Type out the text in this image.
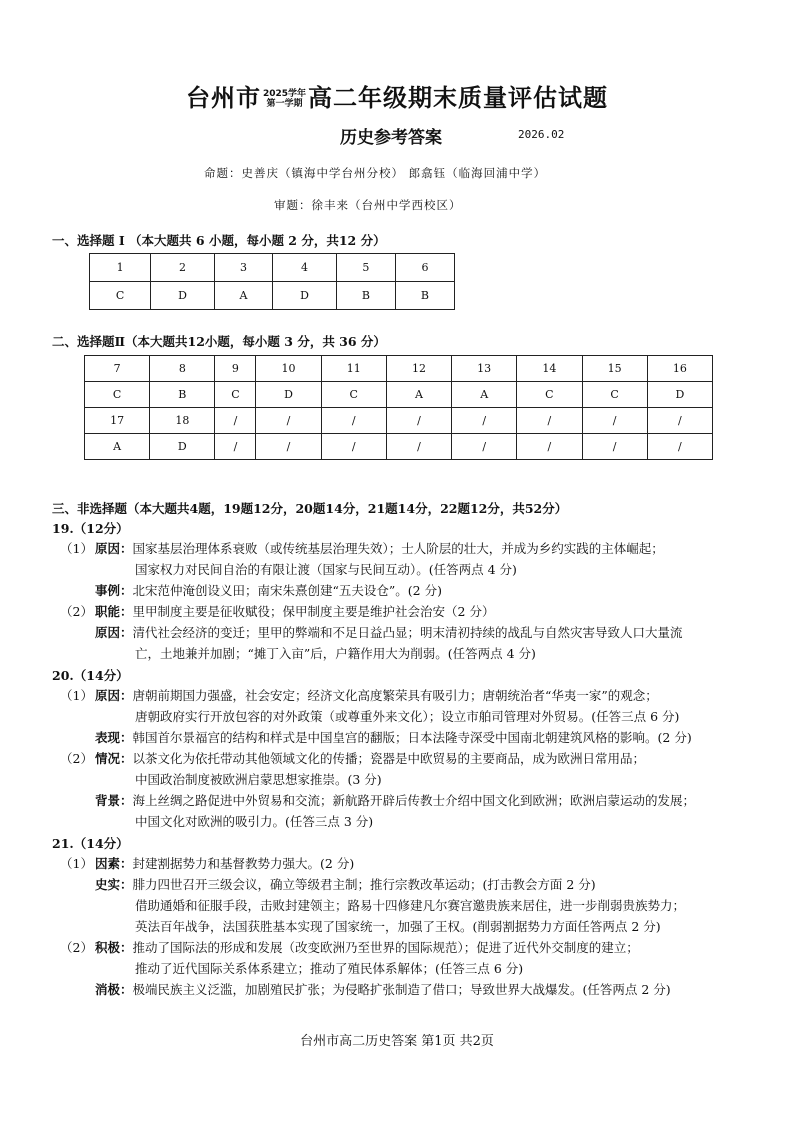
台州市 2025学年
第一学期 高二年级期末质量评估试题
历史参考答案	2026.02
命题：史善庆（镇海中学台州分校） 郎翕钰（临海回浦中学）
审题：徐丰来（台州中学西校区）
一、选择题 Ⅰ （本大题共 6 小题，每小题 2 分，共12 分）
1	2	3	4	5	6
C	D	A	D	B	B
二、选择题Ⅱ（本大题共12小题，每小题 3 分，共 36 分）
7	8	9	10	11	12	13	14	15	16
C	B	C	D	C	A	A	C	C	D
17	18	/	/	/	/	/	/	/	/
A	D	/	/	/	/	/	/	/	/
三、非选择题（本大题共4题，19题12分，20题14分，21题14分，22题12分，共52分）
19.（12分）
（1） 原因：国家基层治理体系衰败（或传统基层治理失效）；士人阶层的壮大，并成为乡约实践的主体崛起；
国家权力对民间自治的有限让渡（国家与民间互动）。(任答两点 4 分)
事例：北宋范仲淹创设义田；南宋朱熹创建“五夫设仓”。(2 分)
（2） 职能：里甲制度主要是征收赋役；保甲制度主要是维护社会治安（2 分）
原因：清代社会经济的变迁；里甲的弊端和不足日益凸显；明末清初持续的战乱与自然灾害导致人口大量流
亡，土地兼并加剧；“摊丁入亩”后，户籍作用大为削弱。(任答两点 4 分)
20.（14分）
（1） 原因：唐朝前期国力强盛，社会安定；经济文化高度繁荣具有吸引力；唐朝统治者“华夷一家”的观念；
唐朝政府实行开放包容的对外政策（或尊重外来文化）；设立市舶司管理对外贸易。(任答三点 6 分)
表现：韩国首尔景福宫的结构和样式是中国皇宫的翻版；日本法隆寺深受中国南北朝建筑风格的影响。(2 分)
（2） 情况：以茶文化为依托带动其他领域文化的传播；瓷器是中欧贸易的主要商品，成为欧洲日常用品；
中国政治制度被欧洲启蒙思想家推崇。(3 分)
背景：海上丝绸之路促进中外贸易和交流；新航路开辟后传教士介绍中国文化到欧洲；欧洲启蒙运动的发展；
中国文化对欧洲的吸引力。(任答三点 3 分)
21.（14分）
（1） 因素：封建割据势力和基督教势力强大。(2 分)
史实：腓力四世召开三级会议，确立等级君主制；推行宗教改革运动；(打击教会方面 2 分)
借助通婚和征服手段，击败封建领主；路易十四修建凡尔赛宫邀贵族来居住，进一步削弱贵族势力；
英法百年战争，法国获胜基本实现了国家统一，加强了王权。(削弱割据势力方面任答两点 2 分)
（2） 积极：推动了国际法的形成和发展（改变欧洲乃至世界的国际规范）；促进了近代外交制度的建立；
推动了近代国际关系体系建立；推动了殖民体系解体；(任答三点 6 分)
消极：极端民族主义泛滥，加剧殖民扩张；为侵略扩张制造了借口；导致世界大战爆发。(任答两点 2 分)
台州市高二历史答案 第1页 共2页
